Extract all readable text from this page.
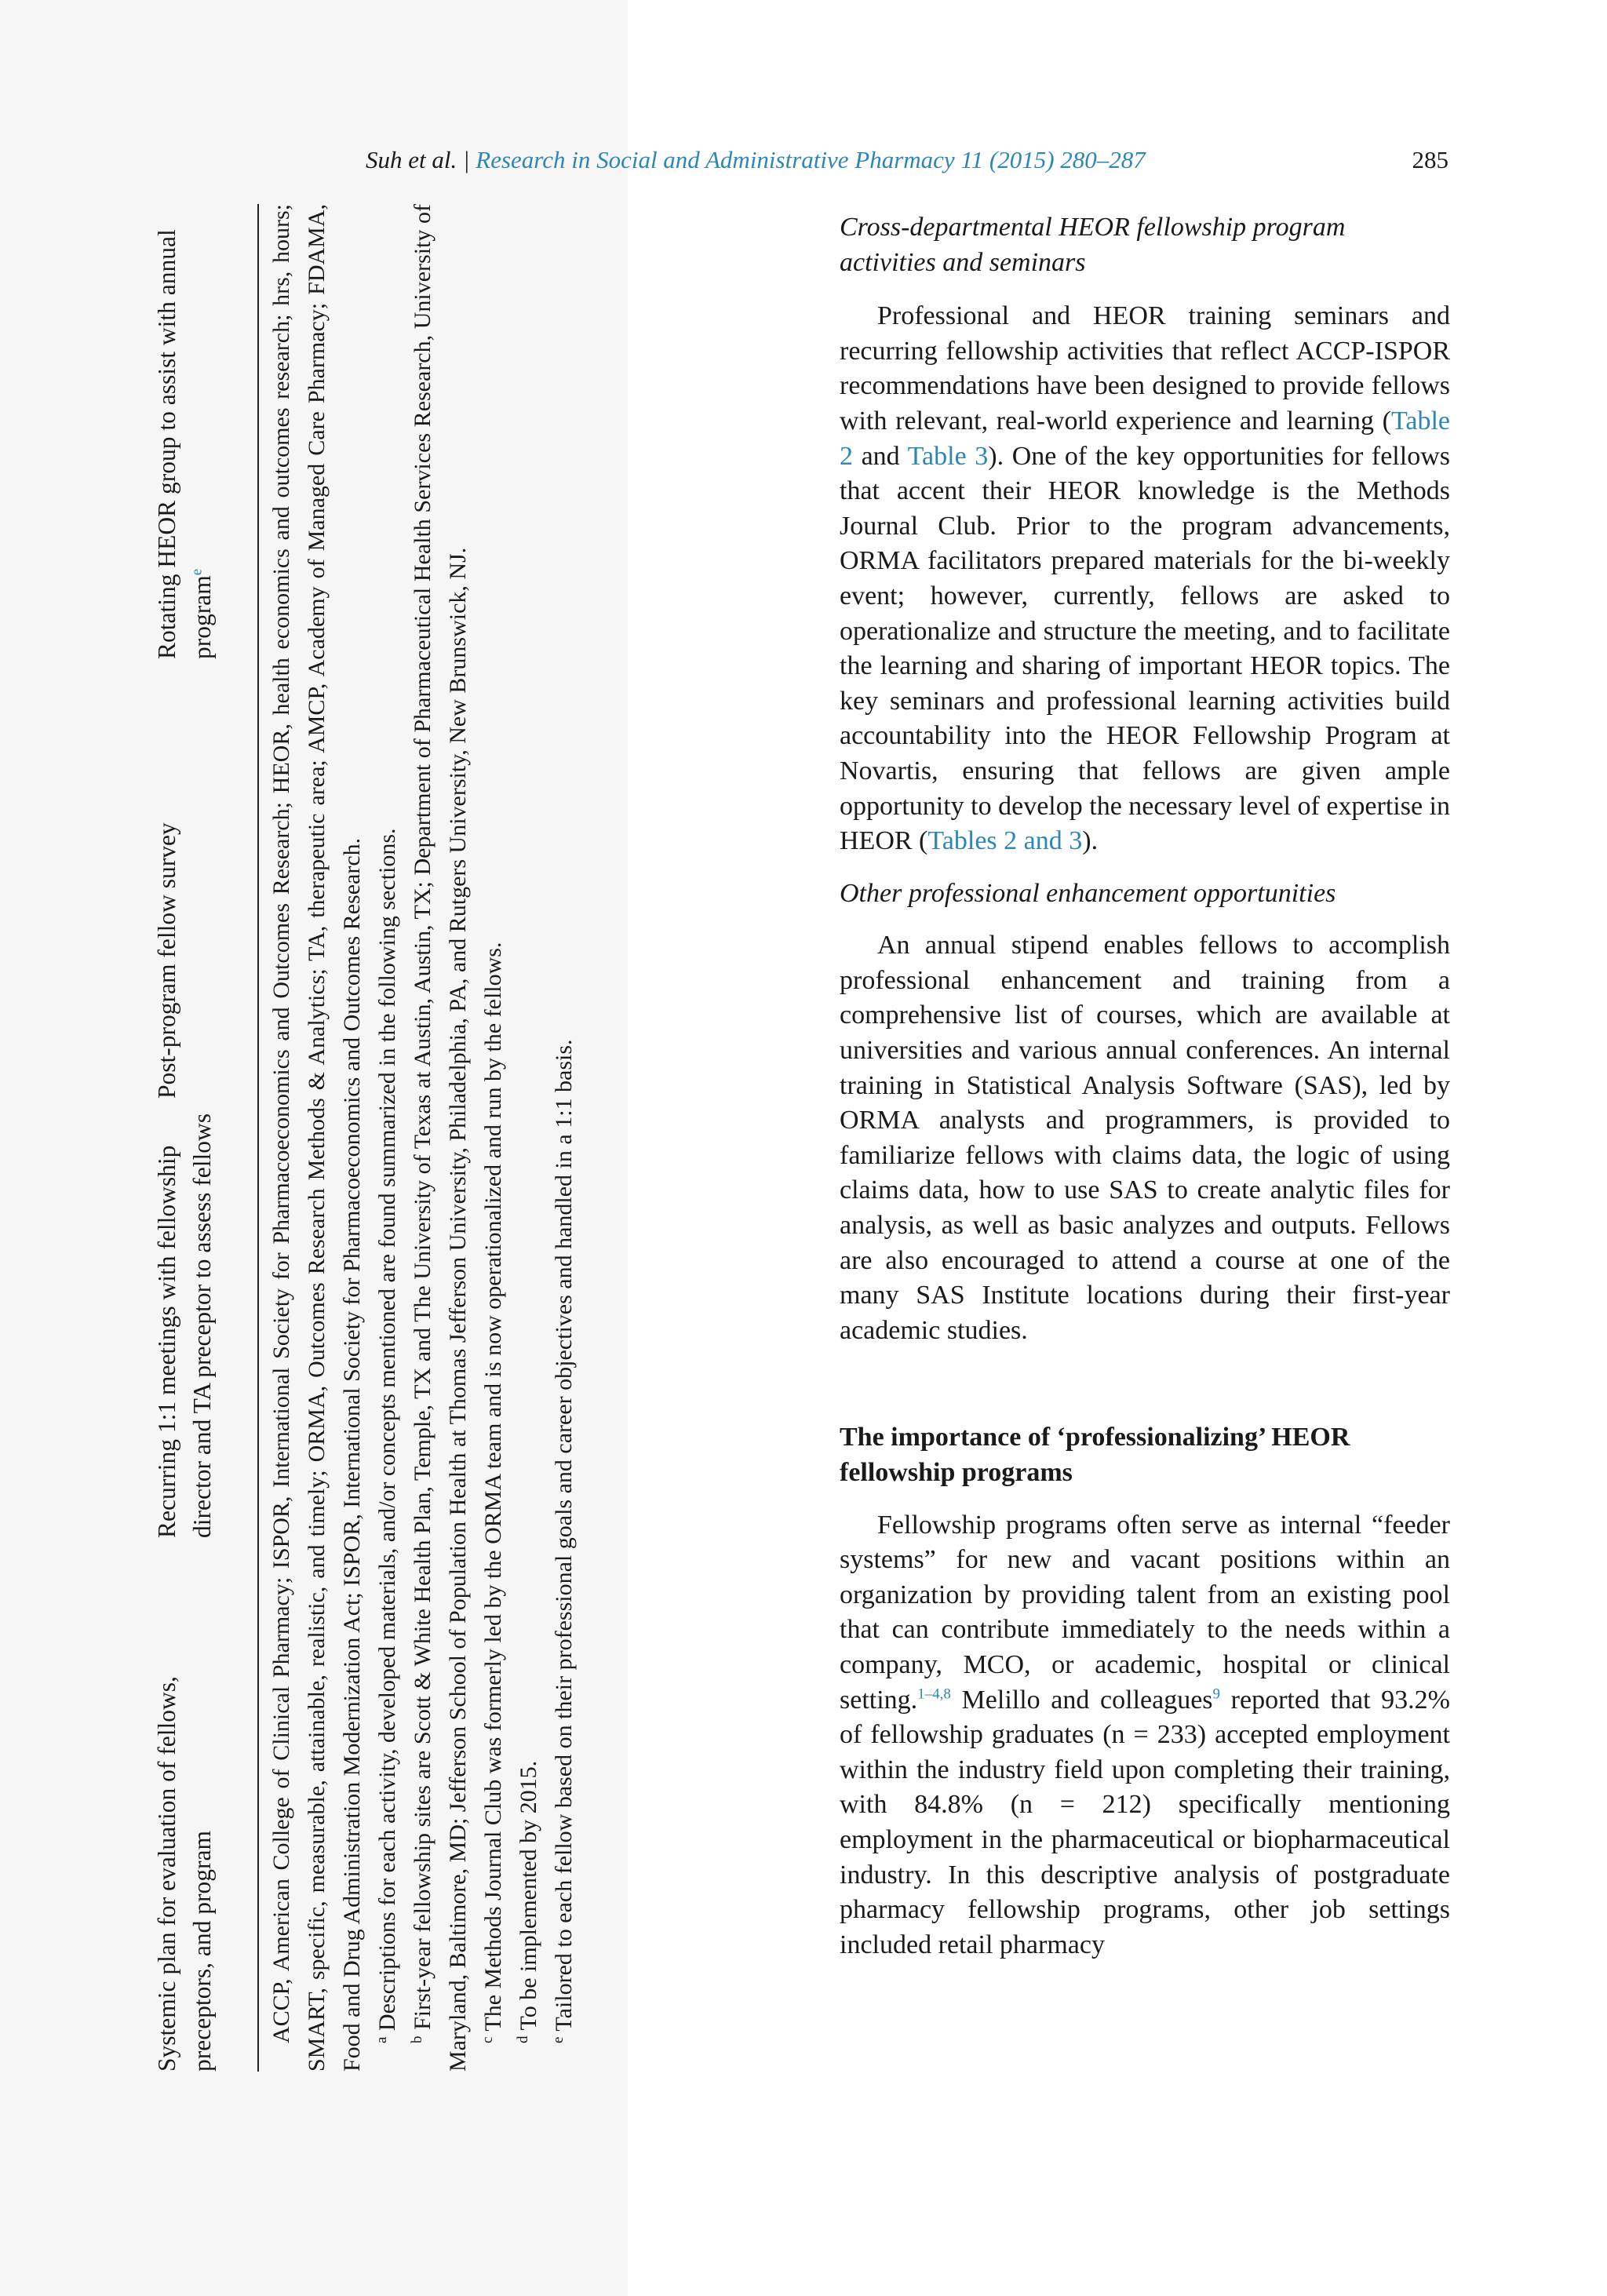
Suh et al. | Research in Social and Administrative Pharmacy 11 (2015) 280–287	285
Systemic plan for evaluation of fellows, preceptors, and program
Recurring 1:1 meetings with fellowship director and TA preceptor to assess fellows
Post-program fellow survey
Rotating HEOR group to assist with annual program$^e$	ACCP, American College of Clinical Pharmacy; ISPOR, International Society for Pharmacoeconomics and Outcomes Research; HEOR, health economics and outcomes research; hrs, hours; SMART, specific, measurable, attainable, realistic, and timely; ORMA, Outcomes Research Methods & Analytics; TA, therapeutic area; AMCP, Academy of Managed Care Pharmacy; FDAMA, Food and Drug Administration Modernization Act; ISPOR, International Society for Pharmacoeconomics and Outcomes Research. $^a$ Descriptions for each activity, developed materials, and/or concepts mentioned are found summarized in the following sections.

$^b$ First-year fellowship sites are Scott & White Health Plan, Temple, TX and The University of Texas at Austin, Austin, TX; Department of Pharmaceutical Health Services Research, University of Maryland, Baltimore, MD; Jefferson School of Population Health at Thomas Jefferson University, Philadelphia, PA, and Rutgers University, New Brunswick, NJ. $^c$ The Methods Journal Club was formerly led by the ORMA team and is now operationalized and run by the fellows.

$^d$ To be implemented by 2015.

$^e$ Tailored to each fellow based on their professional goals and career objectives and handled in a 1:1 basis.

Cross-departmental HEOR fellowship program activities and seminars

Professional and HEOR training seminars and recurring fellowship activities that reflect ACCP-ISPOR recommendations have been designed to provide fellows with relevant, real-world experience and learning (Table 2 and Table 3). One of the key opportunities for fellows that accent their HEOR knowledge is the Methods Journal Club. Prior to the program advancements, ORMA facilitators prepared materials for the bi-weekly event; however, currently, fellows are asked to operationalize and structure the meeting, and to facilitate the learning and sharing of important HEOR topics. The key seminars and professional learning activities build accountability into the HEOR Fellowship Program at Novartis, ensuring that fellows are given ample opportunity to develop the necessary level of expertise in HEOR (Tables 2 and 3).

Other professional enhancement opportunities

An annual stipend enables fellows to accomplish professional enhancement and training from a comprehensive list of courses, which are available at universities and various annual conferences. An internal training in Statistical Analysis Software (SAS), led by ORMA analysts and programmers, is provided to familiarize fellows with claims data, the logic of using claims data, how to use SAS to create analytic files for analysis, as well as basic analyzes and outputs. Fellows are also encouraged to attend a course at one of the many SAS Institute locations during their first-year academic studies.

The importance of ‘professionalizing’ HEOR fellowship programs

Fellowship programs often serve as internal “feeder systems” for new and vacant positions within an organization by providing talent from an existing pool that can contribute immediately to the needs within a company, MCO, or academic, hospital or clinical setting.$^{1-4,8}$ Melillo and colleagues$^9$ reported that 93.2% of fellowship graduates (n = 233) accepted employment within the industry field upon completing their training, with 84.8% (n = 212) specifically mentioning employment in the pharmaceutical or biopharmaceutical industry. In this descriptive analysis of postgraduate pharmacy fellowship programs, other job settings included retail pharmacy
